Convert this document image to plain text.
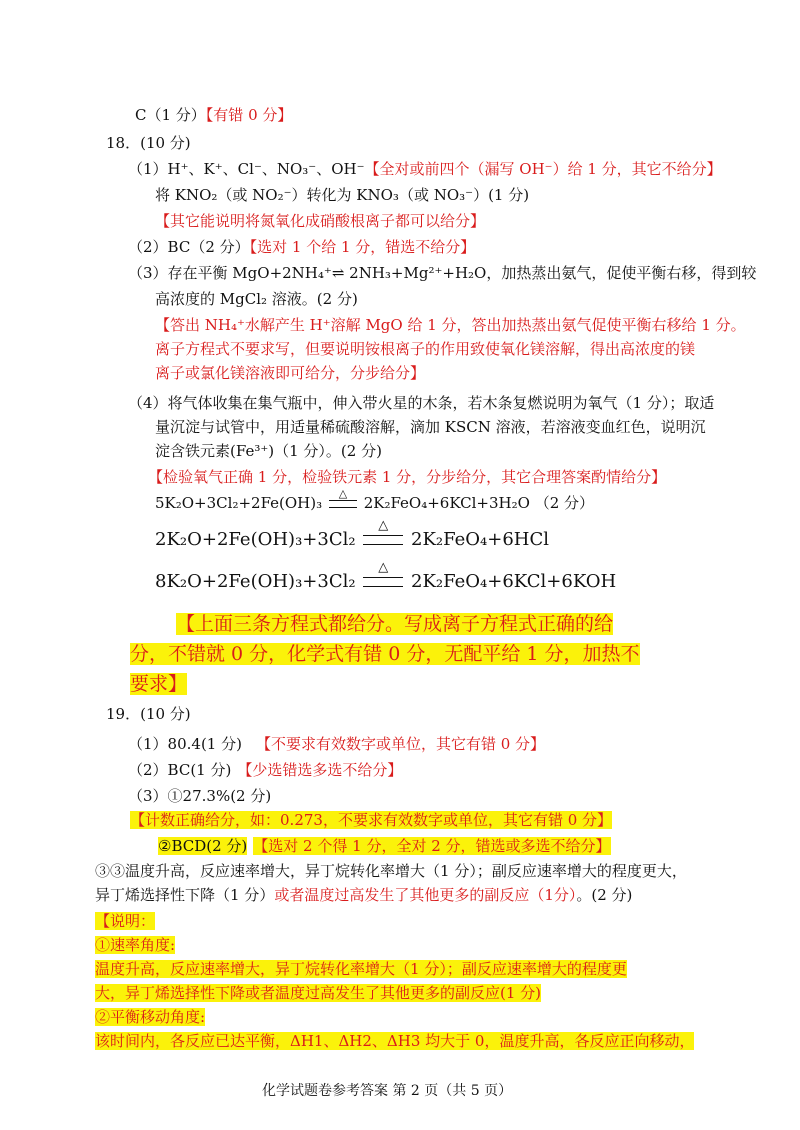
C（1 分）【有错 0 分】
18．(10 分)
（1）H⁺、K⁺、Cl⁻、NO₃⁻、OH⁻【全对或前四个（漏写 OH⁻）给 1 分，其它不给分】
将 KNO₂（或 NO₂⁻）转化为 KNO₃（或 NO₃⁻）(1 分)
【其它能说明将氮氧化成硝酸根离子都可以给分】
（2）BC（2 分）【选对 1 个给 1 分，错选不给分】
（3）存在平衡 MgO+2NH₄⁺⇌ 2NH₃+Mg²⁺+H₂O，加热蒸出氨气，促使平衡右移，得到较
高浓度的 MgCl₂ 溶液。(2 分)
【答出 NH₄⁺水解产生 H⁺溶解 MgO 给 1 分，答出加热蒸出氨气促使平衡右移给 1 分。
离子方程式不要求写，但要说明铵根离子的作用致使氧化镁溶解，得出高浓度的镁
离子或氯化镁溶液即可给分，分步给分】
（4）将气体收集在集气瓶中，伸入带火星的木条，若木条复燃说明为氧气（1 分）；取适
量沉淀与试管中，用适量稀硫酸溶解，滴加 KSCN 溶液，若溶液变血红色，说明沉
淀含铁元素(Fe³⁺)（1 分）。(2 分)
【检验氧气正确 1 分，检验铁元素 1 分，分步给分，其它合理答案酌情给分】
5K₂O+3Cl₂+2Fe(OH)₃
△
2K₂FeO₄+6KCl+3H₂O （2 分）
2K₂O+2Fe(OH)₃+3Cl₂
△
2K₂FeO₄+6HCl
8K₂O+2Fe(OH)₃+3Cl₂
△
2K₂FeO₄+6KCl+6KOH
【上面三条方程式都给分。写成离子方程式正确的给
分，不错就 0 分，化学式有错 0 分，无配平给 1 分，加热不
要求】
19．(10 分)
（1）80.4(1 分) 【不要求有效数字或单位，其它有错 0 分】
（2）BC(1 分) 【少选错选多选不给分】
（3）①27.3%(2 分)
【计数正确给分，如：0.273，不要求有效数字或单位，其它有错 0 分】
②BCD(2 分) 【选对 2 个得 1 分，全对 2 分，错选或多选不给分】
③③温度升高，反应速率增大，异丁烷转化率增大（1 分）；副反应速率增大的程度更大，
异丁烯选择性下降（1 分）或者温度过高发生了其他更多的副反应（1分）。(2 分)
【说明：
①速率角度:
温度升高，反应速率增大，异丁烷转化率增大（1 分）；副反应速率增大的程度更
大，异丁烯选择性下降或者温度过高发生了其他更多的副反应(1 分)
②平衡移动角度:
该时间内，各反应已达平衡，ΔH1、ΔH2、ΔH3 均大于 0，温度升高，各反应正向移动，
化学试题卷参考答案 第 2 页（共 5 页）
